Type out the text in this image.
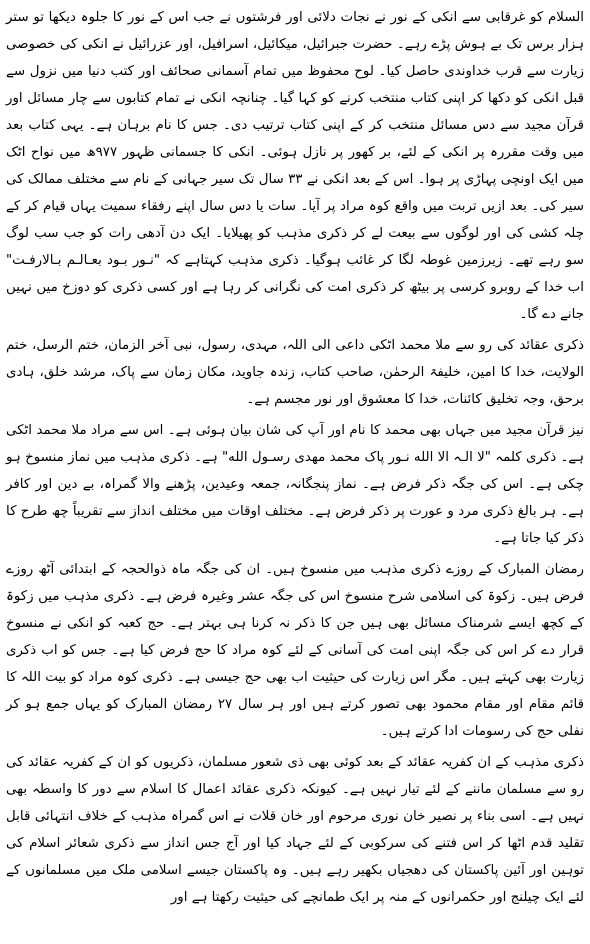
السلام کو غرقابی سے انکی کے نور نے نجات دلائی اور فرشتوں نے جب اس کے نور کا جلوہ دیکھا تو ستر ہزار برس تک بے ہوش پڑے رہے۔ حضرت جبرائیل، میکائیل، اسرافیل، اور عزرائیل نے انکی کی خصوصی زیارت سے قرب خداوندی حاصل کیا۔ لوح محفوظ میں تمام آسمانی صحائف اور کتب دنیا میں نزول سے قبل انکی کو دکھا کر اپنی کتاب منتخب کرنے کو کہا گیا۔ چنانچہ انکی نے تمام کتابوں سے چار مسائل اور قرآن مجید سے دس مسائل منتخب کر کے اپنی کتاب ترتیب دی۔ جس کا نام برہان ہے۔ یہی کتاب بعد میں وقت مقررہ پر انکی کے لئے، بر کھور پر نازل ہوئی۔ انکی کا جسمانی ظہور ۹۷۷ھ میں نواح اٹک میں ایک اونچی پہاڑی پر ہوا۔ اس کے بعد انکی نے ۳۳ سال تک سیر جہانی کے نام سے مختلف ممالک کی سیر کی۔ بعد ازیں تربت میں واقع کوہ مراد پر آیا۔ سات یا دس سال اپنے رفقاء سمیت یہاں قیام کر کے چلہ کشی کی اور لوگوں سے بیعت لے کر ذکری مذہب کو پھیلایا۔ ایک دن آدھی رات کو جب سب لوگ سو رہے تھے۔ زیرزمین غوطہ لگا کر غائب ہوگیا۔ ذکری مذہب کہتاہے کہ "نـور بـود بعـالـم بـالارفـت" اب خدا کے روبرو کرسی پر بیٹھ کر ذکری امت کی نگرانی کر رہا ہے اور کسی ذکری کو دوزخ میں نہیں جانے دے گا۔

ذکری عقائد کی رو سے ملا محمد اٹکی داعی الی اللہ، مہدی، رسول، نبی آخر الزمان، ختم الرسل، ختم الولایت، خدا کا امین، خلیفۃ الرحمٰن، صاحب کتاب، زندہ جاوید، مکان زمان سے پاک، مرشد خلق، ہادی برحق، وجہ تخلیق کائنات، خدا کا معشوق اور نور مجسم ہے۔

نیز قرآن مجید میں جہاں بھی محمد کا نام اور آپ کی شان بیان ہوئی ہے۔ اس سے مراد ملا محمد اٹکی ہے۔ ذکری کلمہ "لا الـہ الا الله نـور پاک محمد مهدی رسـول الله" ہے۔ ذکری مذہب میں نماز منسوخ ہو چکی ہے۔ اس کی جگہ ذکر فرض ہے۔ نماز پنجگانہ، جمعہ وعیدین، پڑھنے والا گمراہ، بے دین اور کافر ہے۔ ہر بالغ ذکری مرد و عورت پر ذکر فرض ہے۔ مختلف اوقات میں مختلف انداز سے تقریباً چھ طرح کا ذکر کیا جاتا ہے۔

رمضان المبارک کے روزے ذکری مذہب میں منسوخ ہیں۔ ان کی جگہ ماہ ذوالحجہ کے ابتدائی آٹھ روزے فرض ہیں۔ زکوۃ کی اسلامی شرح منسوخ اس کی جگہ عشر وغیرہ فرض ہے۔ ذکری مذہب میں زکوۃ کے کچھ ایسے شرمناک مسائل بھی ہیں جن کا ذکر نہ کرنا ہی بہتر ہے۔ حج کعبہ کو انکی نے منسوخ قرار دے کر اس کی جگہ اپنی امت کی آسانی کے لئے کوہ مراد کا حج فرض کیا ہے۔ جس کو اب ذکری زیارت بھی کہتے ہیں۔ مگر اس زیارت کی حیثیت اب بھی حج جیسی ہے۔ ذکری کوہ مراد کو بیت اللہ کا قائم مقام اور مقام محمود بھی تصور کرتے ہیں اور ہر سال ۲۷ رمضان المبارک کو یہاں جمع ہو کر نفلی حج کی رسومات ادا کرتے ہیں۔

ذکری مذہب کے ان کفریہ عقائد کے بعد کوئی بھی ذی شعور مسلمان، ذکریوں کو ان کے کفریہ عقائد کی رو سے مسلمان ماننے کے لئے تیار نہیں ہے۔ کیونکہ ذکری عقائد اعمال کا اسلام سے دور کا واسطہ بھی نہیں ہے۔ اسی بناء پر نصیر خان نوری مرحوم اور خان قلات نے اس گمراہ مذہب کے خلاف انتہائی قابل تقلید قدم اٹھا کر اس فتنے کی سرکوبی کے لئے جہاد کیا اور آج جس انداز سے ذکری شعائر اسلام کی توہین اور آئین پاکستان کی دھجیاں بکھیر رہے ہیں۔ وہ پاکستان جیسے اسلامی ملک میں مسلمانوں کے لئے ایک چیلنج اور حکمرانوں کے منہ پر ایک طمانچے کی حیثیت رکھتا ہے اور
